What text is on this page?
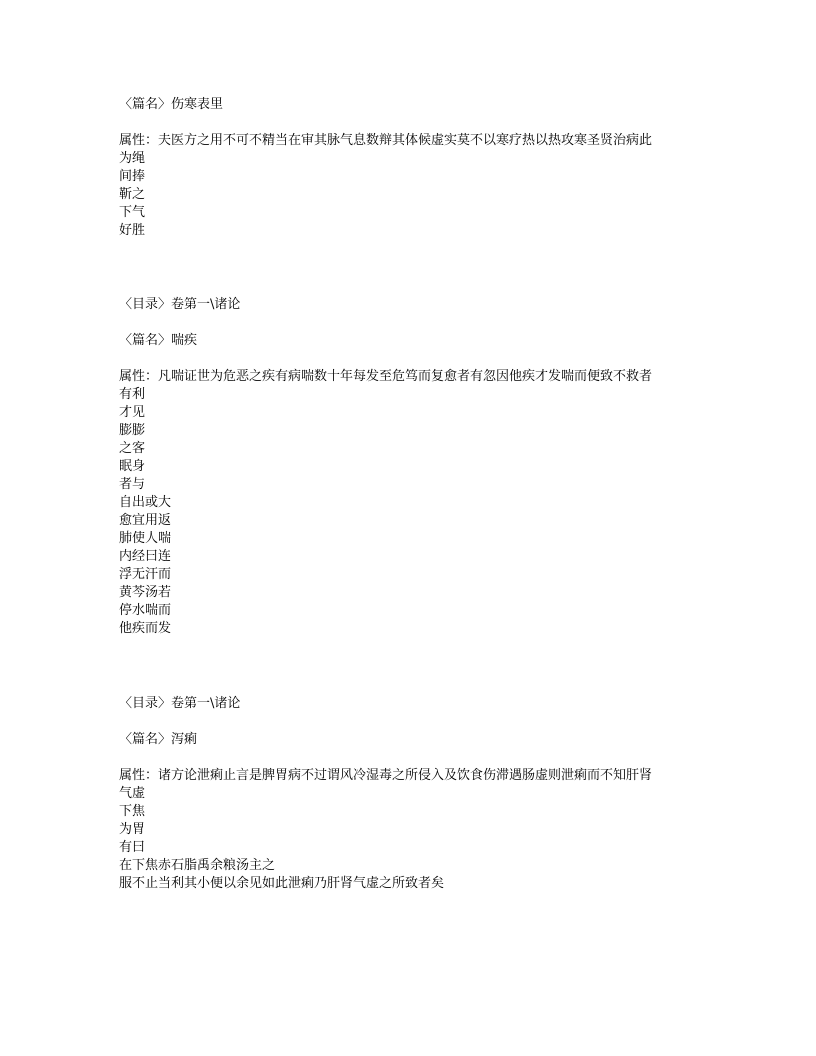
〈篇名〉伤寒表里
属性：夫医方之用不可不精当在审其脉气息数辩其体候虚实莫不以寒疗热以热攻寒圣贤治病此
为绳
间捧
靳之
下气
好胜
〈目录〉卷第一\诸论
〈篇名〉喘疾
属性：凡喘证世为危恶之疾有病喘数十年每发至危笃而复愈者有忽因他疾才发喘而便致不救者
有利
才见
膨膨
之客
眠身
者与
自出或大
愈宜用返
肺使人喘
内经曰连
浮无汗而
黄芩汤若
停水喘而
他疾而发
〈目录〉卷第一\诸论
〈篇名〉泻痢
属性：诸方论泄痢止言是脾胃病不过谓风冷湿毒之所侵入及饮食伤滞遇肠虚则泄痢而不知肝肾
气虚
下焦
为胃
有曰
在下焦赤石脂禹余粮汤主之
服不止当利其小便以余见如此泄痢乃肝肾气虚之所致者矣
